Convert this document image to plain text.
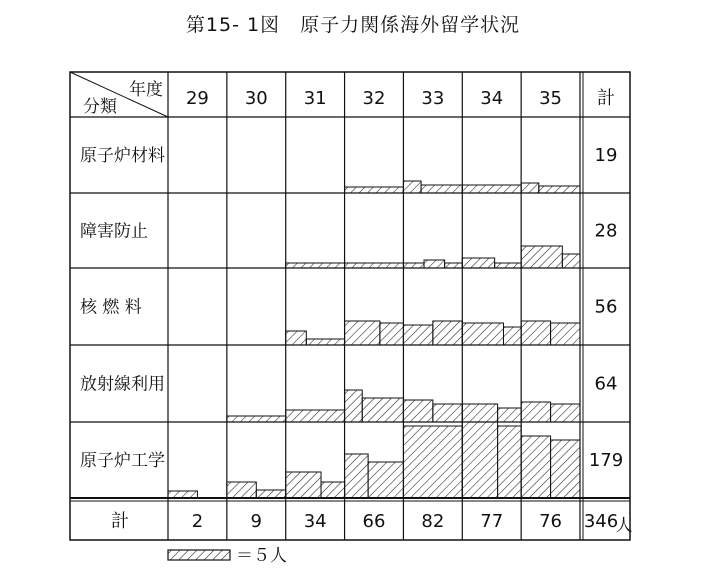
第15- 1図　原子力関係海外留学状況
年度
分類	29 30 31 32 33 34 35 計
原子炉材料	19
障害防止	28
核 燃 料	56
放射線利用	64
原子炉工学	179
計	2	9 34 66 82 77 76 346
人
＝５人
